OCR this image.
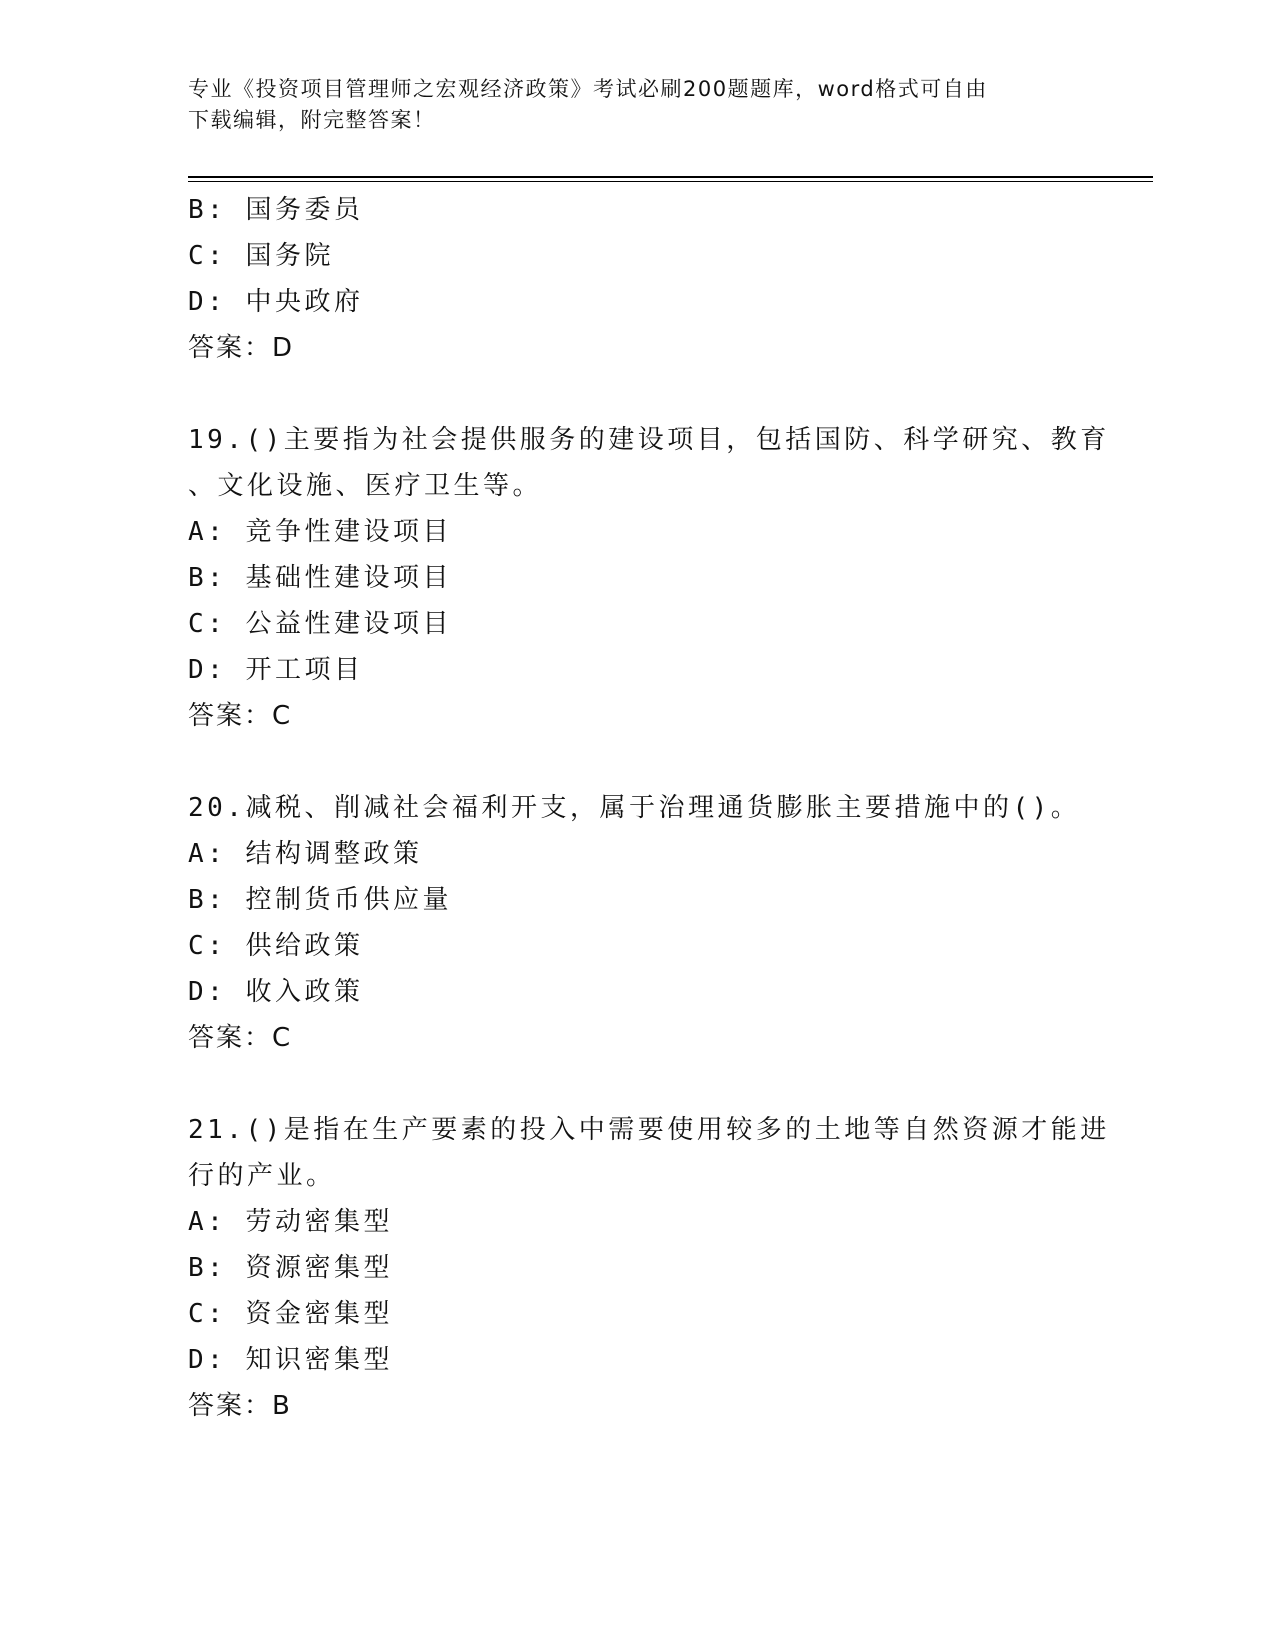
专业《投资项目管理师之宏观经济政策》考试必刷200题题库，word格式可自由
下载编辑，附完整答案！
B: 国务委员
C: 国务院
D: 中央政府
答案：D
19.()主要指为社会提供服务的建设项目，包括国防、科学研究、教育
、文化设施、医疗卫生等。
A: 竞争性建设项目
B: 基础性建设项目
C: 公益性建设项目
D: 开工项目
答案：C
20.减税、削减社会福利开支，属于治理通货膨胀主要措施中的()。
A: 结构调整政策
B: 控制货币供应量
C: 供给政策
D: 收入政策
答案：C
21.()是指在生产要素的投入中需要使用较多的土地等自然资源才能进
行的产业。
A: 劳动密集型
B: 资源密集型
C: 资金密集型
D: 知识密集型
答案：B
